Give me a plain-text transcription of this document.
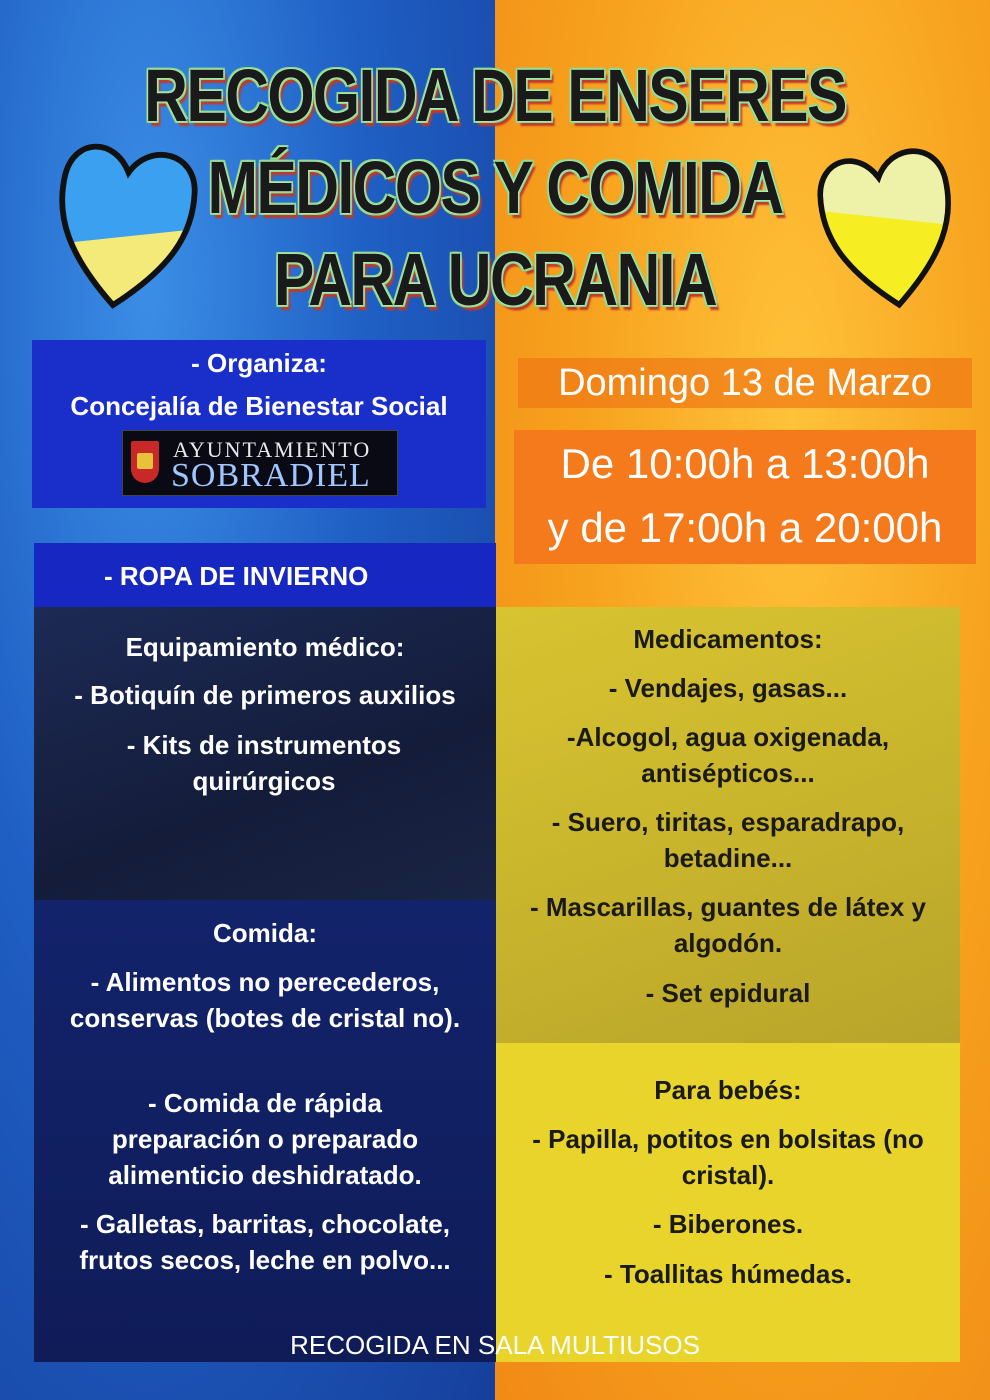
RECOGIDA DE ENSERES
MÉDICOS Y COMIDA
PARA UCRANIA
- Organiza:
Concejalía de Bienestar Social
AYUNTAMIENTO
SOBRADIEL
Domingo 13 de Marzo
De 10:00h a 13:00h
y de 17:00h a 20:00h
- ROPA DE INVIERNO
Equipamiento médico:
- Botiquín de primeros auxilios
- Kits de instrumentos quirúrgicos
Comida:
- Alimentos no perecederos, conservas (botes de cristal no).
- Comida de rápida preparación o preparado alimenticio deshidratado.
- Galletas, barritas, chocolate, frutos secos, leche en polvo...
Medicamentos:
- Vendajes, gasas...
-Alcogol, agua oxigenada, antisépticos...
- Suero, tiritas, esparadrapo, betadine...
- Mascarillas, guantes de látex y algodón.
- Set epidural
Para bebés:
- Papilla, potitos en bolsitas (no cristal).
- Biberones.
- Toallitas húmedas.
RECOGIDA EN SALA MULTIUSOS
